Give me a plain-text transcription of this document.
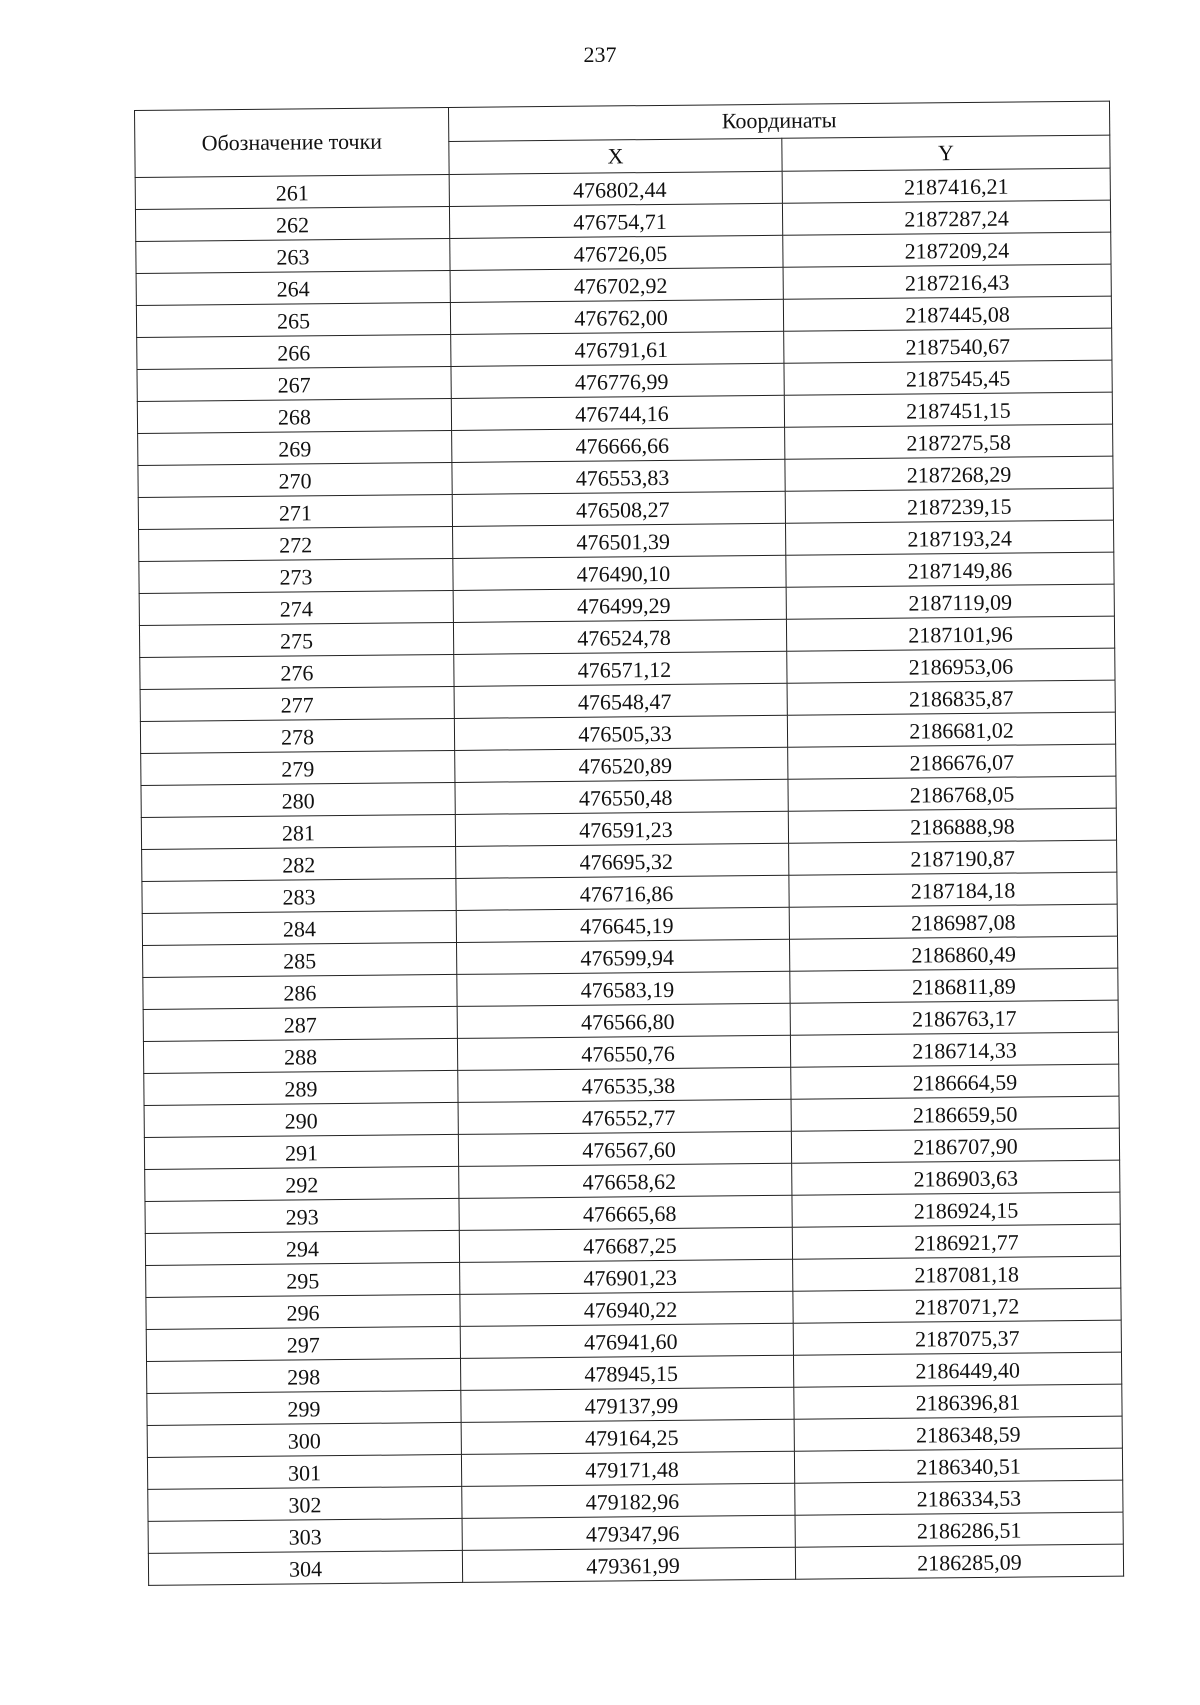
237
Обозначение точки	Координаты	
	X	Y
261	476802,44	2187416,21
262	476754,71	2187287,24
263	476726,05	2187209,24
264	476702,92	2187216,43
265	476762,00	2187445,08
266	476791,61	2187540,67
267	476776,99	2187545,45
268	476744,16	2187451,15
269	476666,66	2187275,58
270	476553,83	2187268,29
271	476508,27	2187239,15
272	476501,39	2187193,24
273	476490,10	2187149,86
274	476499,29	2187119,09
275	476524,78	2187101,96
276	476571,12	2186953,06
277	476548,47	2186835,87
278	476505,33	2186681,02
279	476520,89	2186676,07
280	476550,48	2186768,05
281	476591,23	2186888,98
282	476695,32	2187190,87
283	476716,86	2187184,18
284	476645,19	2186987,08
285	476599,94	2186860,49
286	476583,19	2186811,89
287	476566,80	2186763,17
288	476550,76	2186714,33
289	476535,38	2186664,59
290	476552,77	2186659,50
291	476567,60	2186707,90
292	476658,62	2186903,63
293	476665,68	2186924,15
294	476687,25	2186921,77
295	476901,23	2187081,18
296	476940,22	2187071,72
297	476941,60	2187075,37
298	478945,15	2186449,40
299	479137,99	2186396,81
300	479164,25	2186348,59
301	479171,48	2186340,51
302	479182,96	2186334,53
303	479347,96	2186286,51
304	479361,99	2186285,09
